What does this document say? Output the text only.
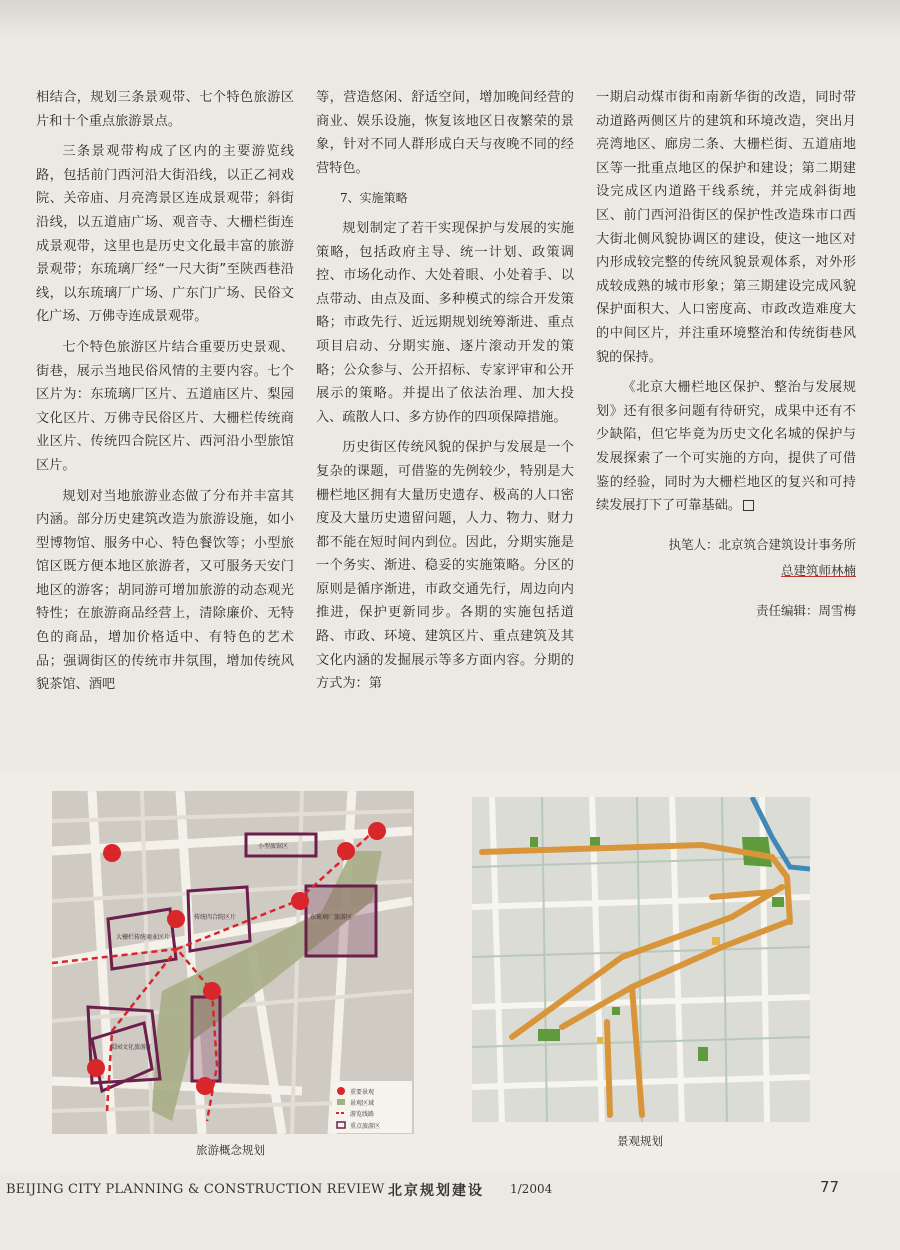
相结合，规划三条景观带、七个特色旅游区片和十个重点旅游景点。

三条景观带构成了区内的主要游览线路，包括前门西河沿大街沿线，以正乙祠戏院、关帝庙、月亮湾景区连成景观带；斜街沿线，以五道庙广场、观音寺、大栅栏街连成景观带，这里也是历史文化最丰富的旅游景观带；东琉璃厂经“一尺大街”至陕西巷沿线，以东琉璃厂广场、广东门广场、民俗文化广场、万佛寺连成景观带。

七个特色旅游区片结合重要历史景观、街巷，展示当地民俗风情的主要内容。七个区片为：东琉璃厂区片、五道庙区片、梨园文化区片、万佛寺民俗区片、大栅栏传统商业区片、传统四合院区片、西河沿小型旅馆区片。

规划对当地旅游业态做了分布并丰富其内涵。部分历史建筑改造为旅游设施，如小型博物馆、服务中心、特色餐饮等；小型旅馆区既方便本地区旅游者，又可服务天安门地区的游客；胡同游可增加旅游的动态观光特性；在旅游商品经营上，清除廉价、无特色的商品，增加价格适中、有特色的艺术品；强调街区的传统市井氛围，增加传统风貌茶馆、酒吧

等，营造悠闲、舒适空间，增加晚间经营的商业、娱乐设施，恢复该地区日夜繁荣的景象，针对不同人群形成白天与夜晚不同的经营特色。

7、实施策略

规划制定了若干实现保护与发展的实施策略，包括政府主导、统一计划、政策调控、市场化动作、大处着眼、小处着手、以点带动、由点及面、多种模式的综合开发策略；市政先行、近远期规划统筹渐进、重点项目启动、分期实施、逐片滚动开发的策略；公众参与、公开招标、专家评审和公开展示的策略。并提出了依法治理、加大投入、疏散人口、多方协作的四项保障措施。

历史街区传统风貌的保护与发展是一个复杂的课题，可借鉴的先例较少，特别是大栅栏地区拥有大量历史遗存、极高的人口密度及大量历史遗留问题，人力、物力、财力都不能在短时间内到位。因此，分期实施是一个务实、渐进、稳妥的实施策略。分区的原则是循序渐进，市政交通先行，周边向内推进，保护更新同步。各期的实施包括道路、市政、环境、建筑区片、重点建筑及其文化内涵的发掘展示等多方面内容。分期的方式为：第

一期启动煤市街和南新华街的改造，同时带动道路两侧区片的建筑和环境改造，突出月亮湾地区、廊房二条、大栅栏街、五道庙地区等一批重点地区的保护和建设；第二期建设完成区内道路干线系统，并完成斜街地区、前门西河沿街区的保护性改造珠市口西大街北侧风貌协调区的建设，使这一地区对内形成较完整的传统风貌景观体系，对外形成较成熟的城市形象；第三期建设完成风貌保护面积大、人口密度高、市政改造难度大的中间区片，并注重环境整治和传统街巷风貌的保持。

《北京大栅栏地区保护、整治与发展规划》还有很多问题有待研究，成果中还有不少缺陷，但它毕竟为历史文化名城的保护与发展探索了一个可实施的方向，提供了可借鉴的经验，同时为大栅栏地区的复兴和可持续发展打下了可靠基础。

执笔人：北京筑合建筑设计事务所
总建筑师林楠

责任编辑：周雪梅

小型旅馆区
传统四合院区片	东琉璃厂旅游区
大栅栏传统商业区片
梨园文化旅游区
重要景观
景观区域
游览线路
重点旅游区
旅游概念规划
景观规划
BEIJING CITY PLANNING & CONSTRUCTION REVIEW 北京规划建设 1/2004	77
